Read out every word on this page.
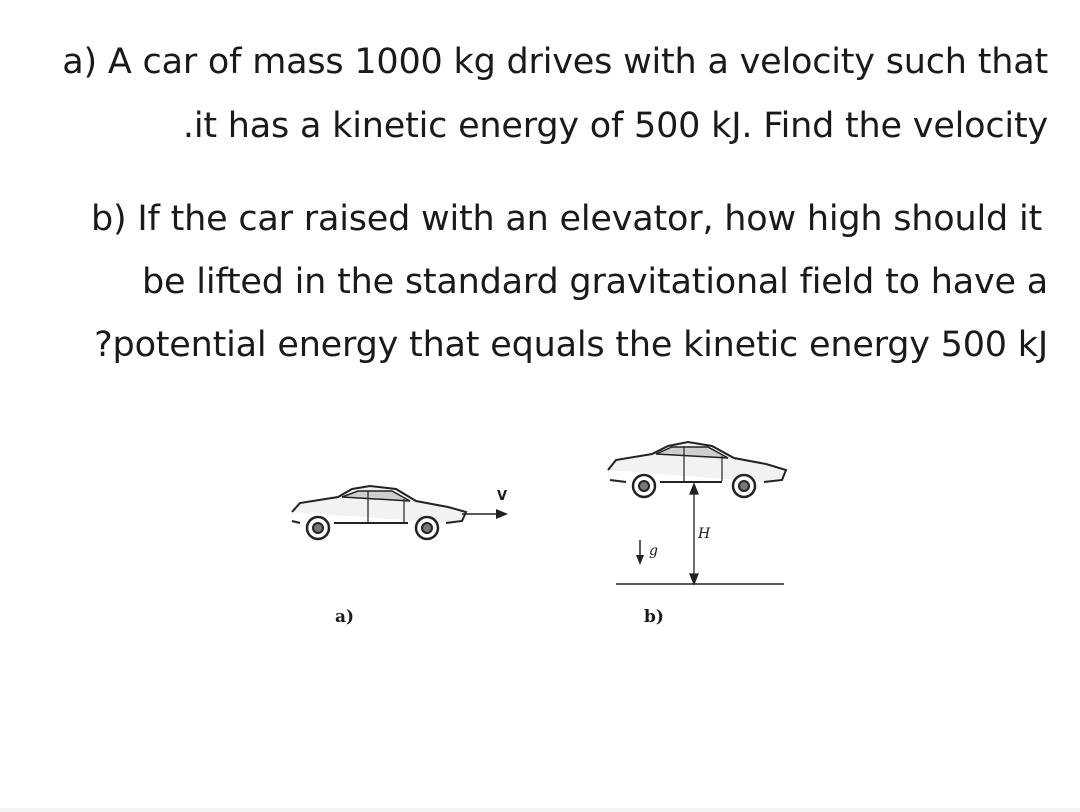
a) A car of mass 1000 kg drives with a velocity such that
.it has a kinetic energy of 500 kJ. Find the velocity
b) If the car raised with an elevator, how high should it
be lifted in the standard gravitational field to have a
?potential energy that equals the kinetic energy 500 kJ
V
a)
g
H
b)
